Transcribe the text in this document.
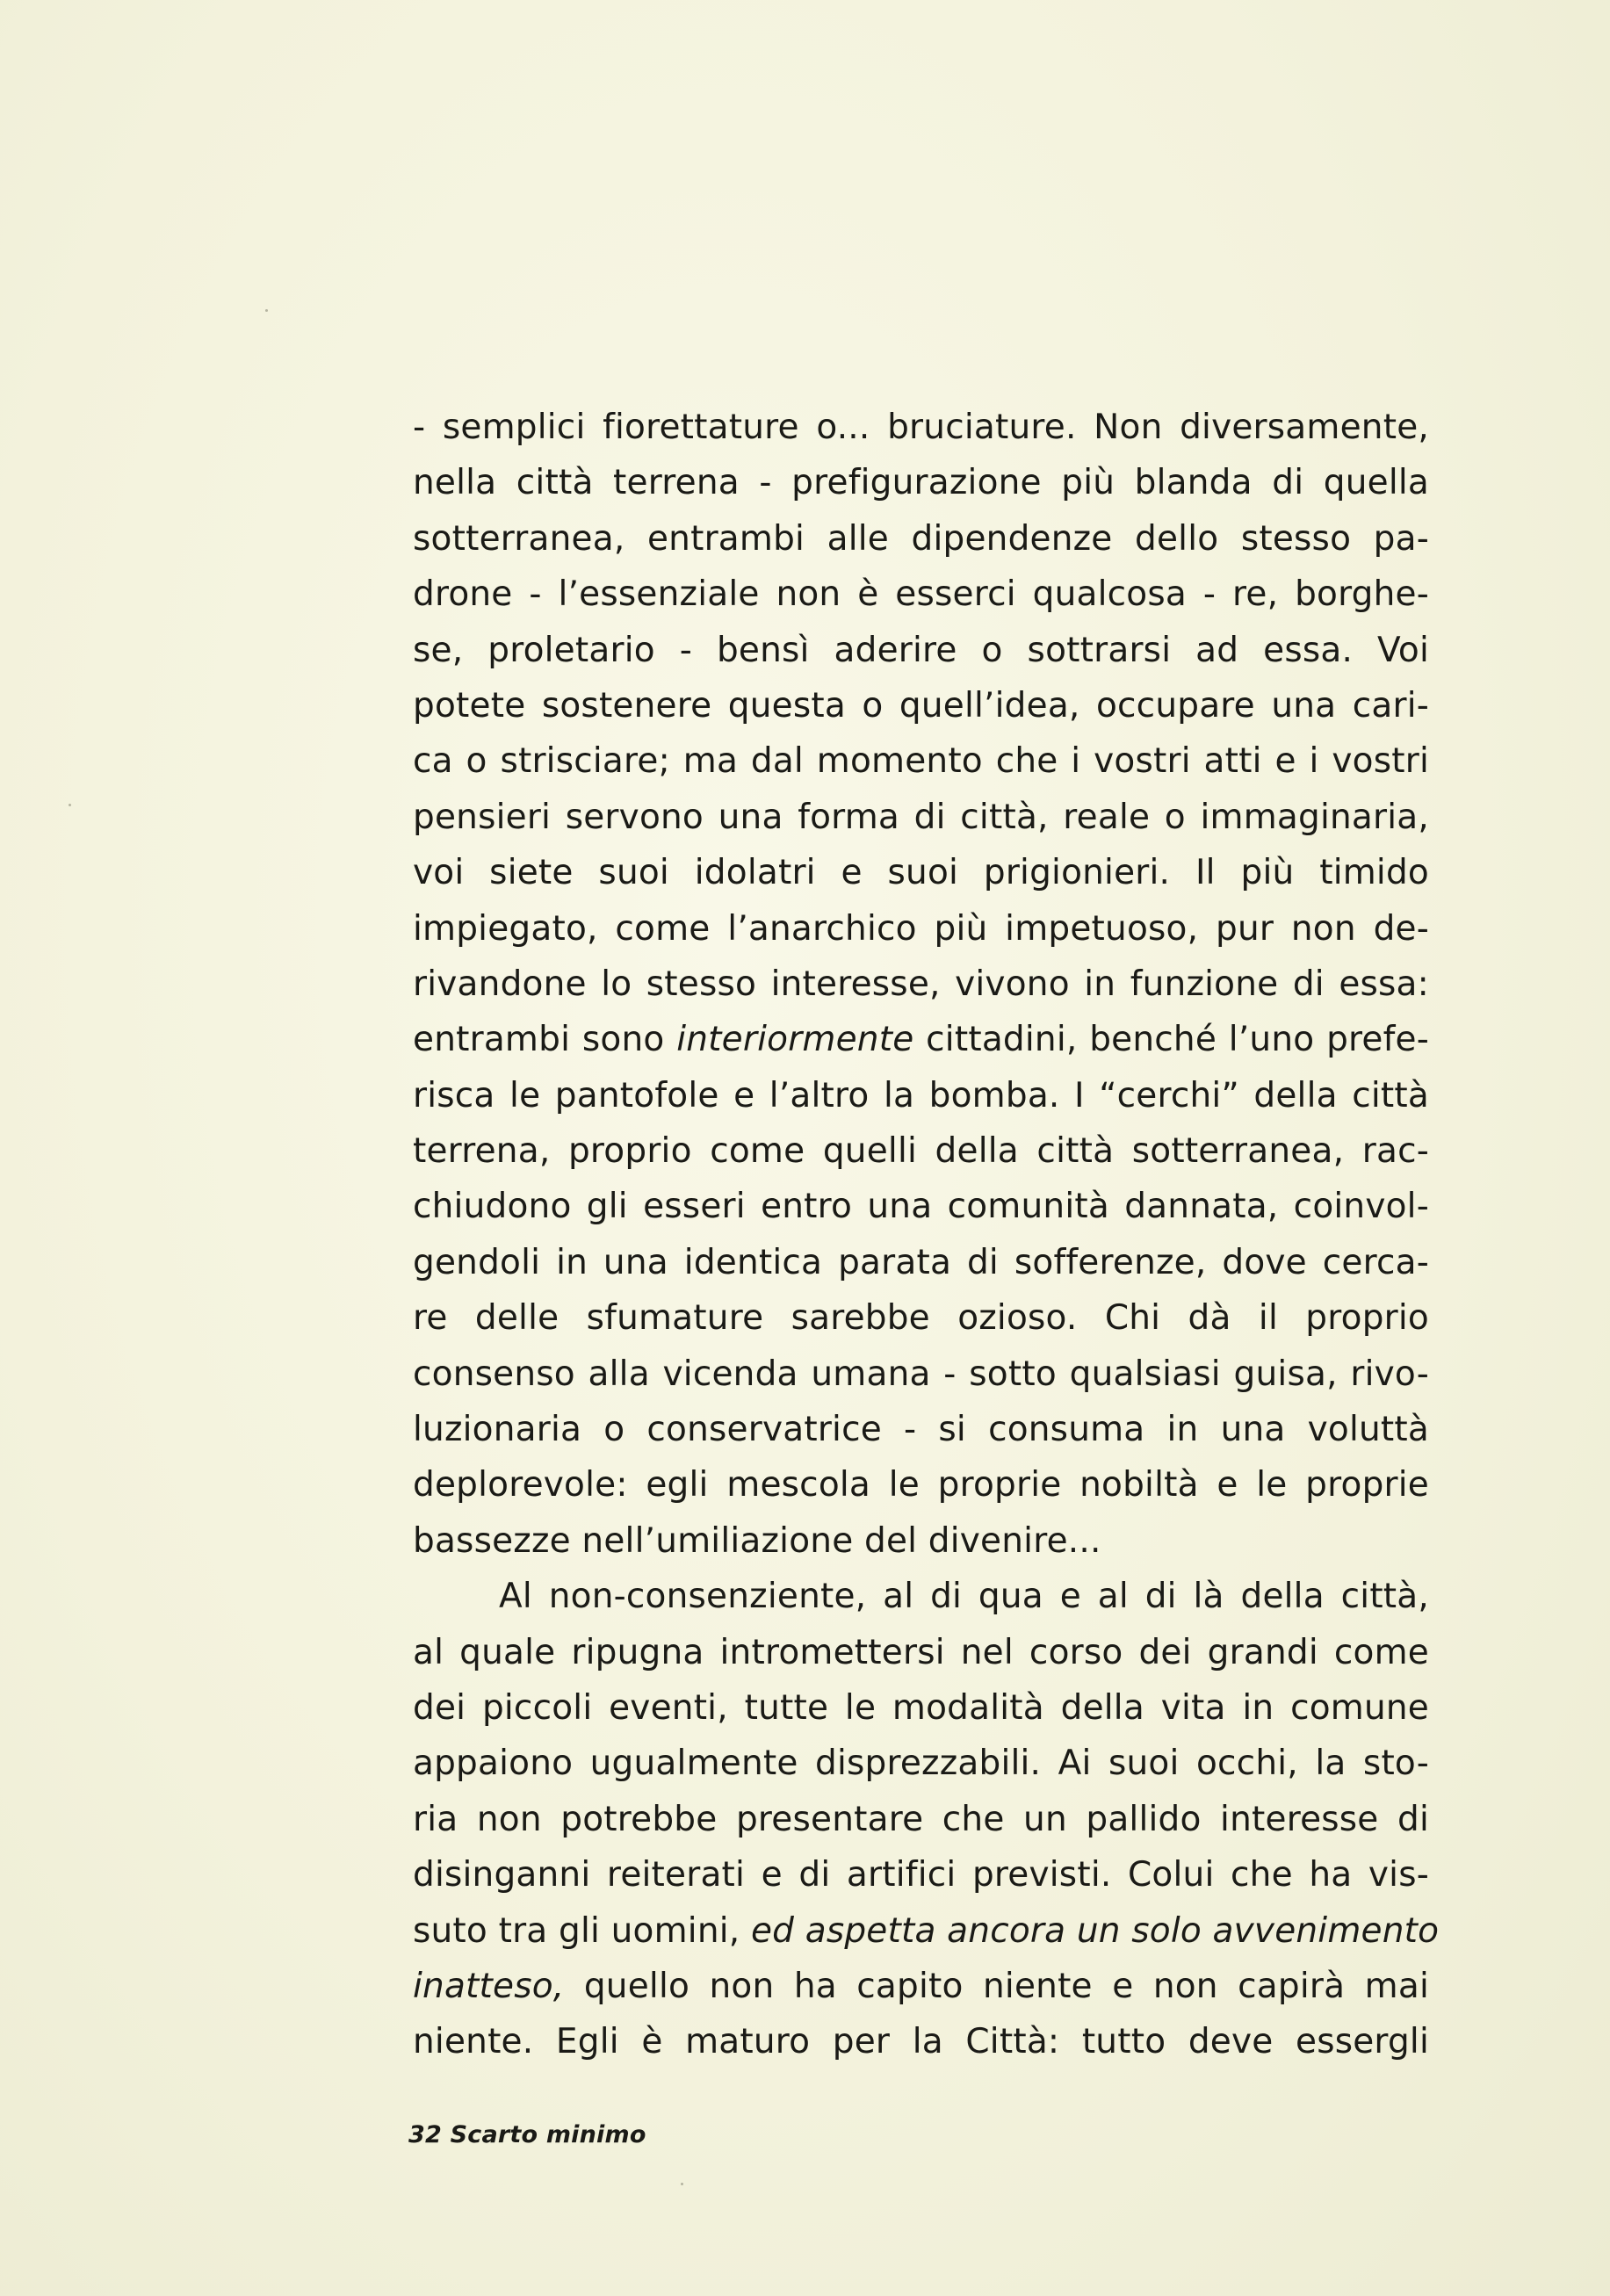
- semplici fiorettature o... bruciature. Non diversamente,
nella città terrena - prefigurazione più blanda di quella
sotterranea, entrambi alle dipendenze dello stesso pa-
drone - l’essenziale non è esserci qualcosa - re, borghe-
se, proletario - bensì aderire o sottrarsi ad essa. Voi
potete sostenere questa o quell’idea, occupare una cari-
ca o strisciare; ma dal momento che i vostri atti e i vostri
pensieri servono una forma di città, reale o immaginaria,
voi siete suoi idolatri e suoi prigionieri. Il più timido
impiegato, come l’anarchico più impetuoso, pur non de-
rivandone lo stesso interesse, vivono in funzione di essa:
entrambi sono interiormente cittadini, benché l’uno prefe-
risca le pantofole e l’altro la bomba. I “cerchi” della città
terrena, proprio come quelli della città sotterranea, rac-
chiudono gli esseri entro una comunità dannata, coinvol-
gendoli in una identica parata di sofferenze, dove cerca-
re delle sfumature sarebbe ozioso. Chi dà il proprio
consenso alla vicenda umana - sotto qualsiasi guisa, rivo-
luzionaria o conservatrice - si consuma in una voluttà
deplorevole: egli mescola le proprie nobiltà e le proprie
bassezze nell’umiliazione del divenire...
Al non-consenziente, al di qua e al di là della città,
al quale ripugna intromettersi nel corso dei grandi come
dei piccoli eventi, tutte le modalità della vita in comune
appaiono ugualmente disprezzabili. Ai suoi occhi, la sto-
ria non potrebbe presentare che un pallido interesse di
disinganni reiterati e di artifici previsti. Colui che ha vis-
suto tra gli uomini, ed aspetta ancora un solo avvenimento
inatteso, quello non ha capito niente e non capirà mai
niente. Egli è maturo per la Città: tutto deve essergli
32 Scarto minimo
